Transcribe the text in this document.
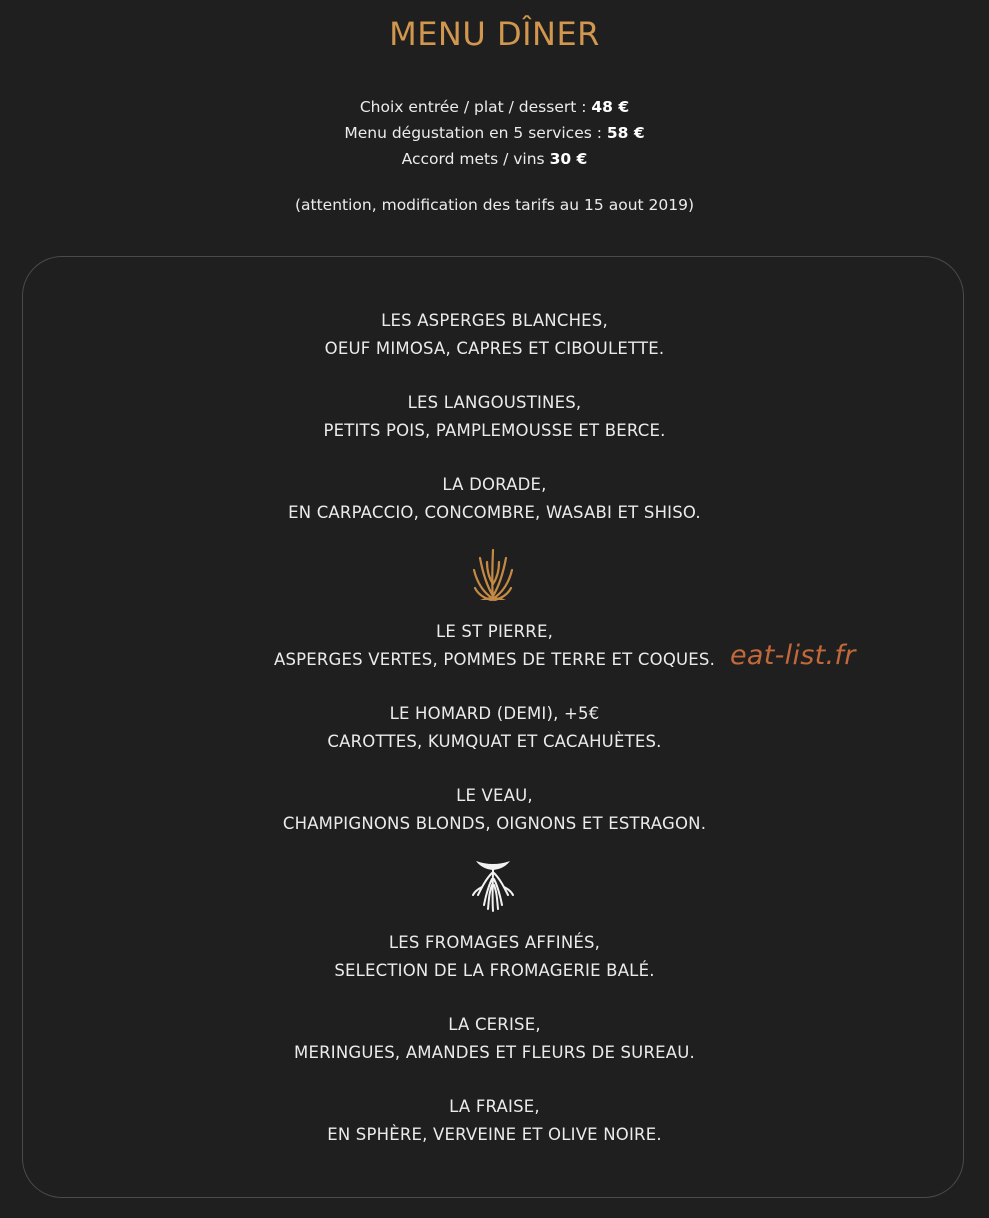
MENU DÎNER
Choix entrée / plat / dessert : 48 €
Menu dégustation en 5 services : 58 €
Accord mets / vins 30 €
(attention, modification des tarifs au 15 aout 2019)
LES ASPERGES BLANCHES,
OEUF MIMOSA, CAPRES ET CIBOULETTE.
LES LANGOUSTINES,
PETITS POIS, PAMPLEMOUSSE ET BERCE.
LA DORADE,
EN CARPACCIO, CONCOMBRE, WASABI ET SHISO.
LE ST PIERRE,
ASPERGES VERTES, POMMES DE TERRE ET COQUES.
LE HOMARD (DEMI), +5€
CAROTTES, KUMQUAT ET CACAHUÈTES.
LE VEAU,
CHAMPIGNONS BLONDS, OIGNONS ET ESTRAGON.
LES FROMAGES AFFINÉS,
SELECTION DE LA FROMAGERIE BALÉ.
LA CERISE,
MERINGUES, AMANDES ET FLEURS DE SUREAU.
LA FRAISE,
EN SPHÈRE, VERVEINE ET OLIVE NOIRE.
eat-list.fr
